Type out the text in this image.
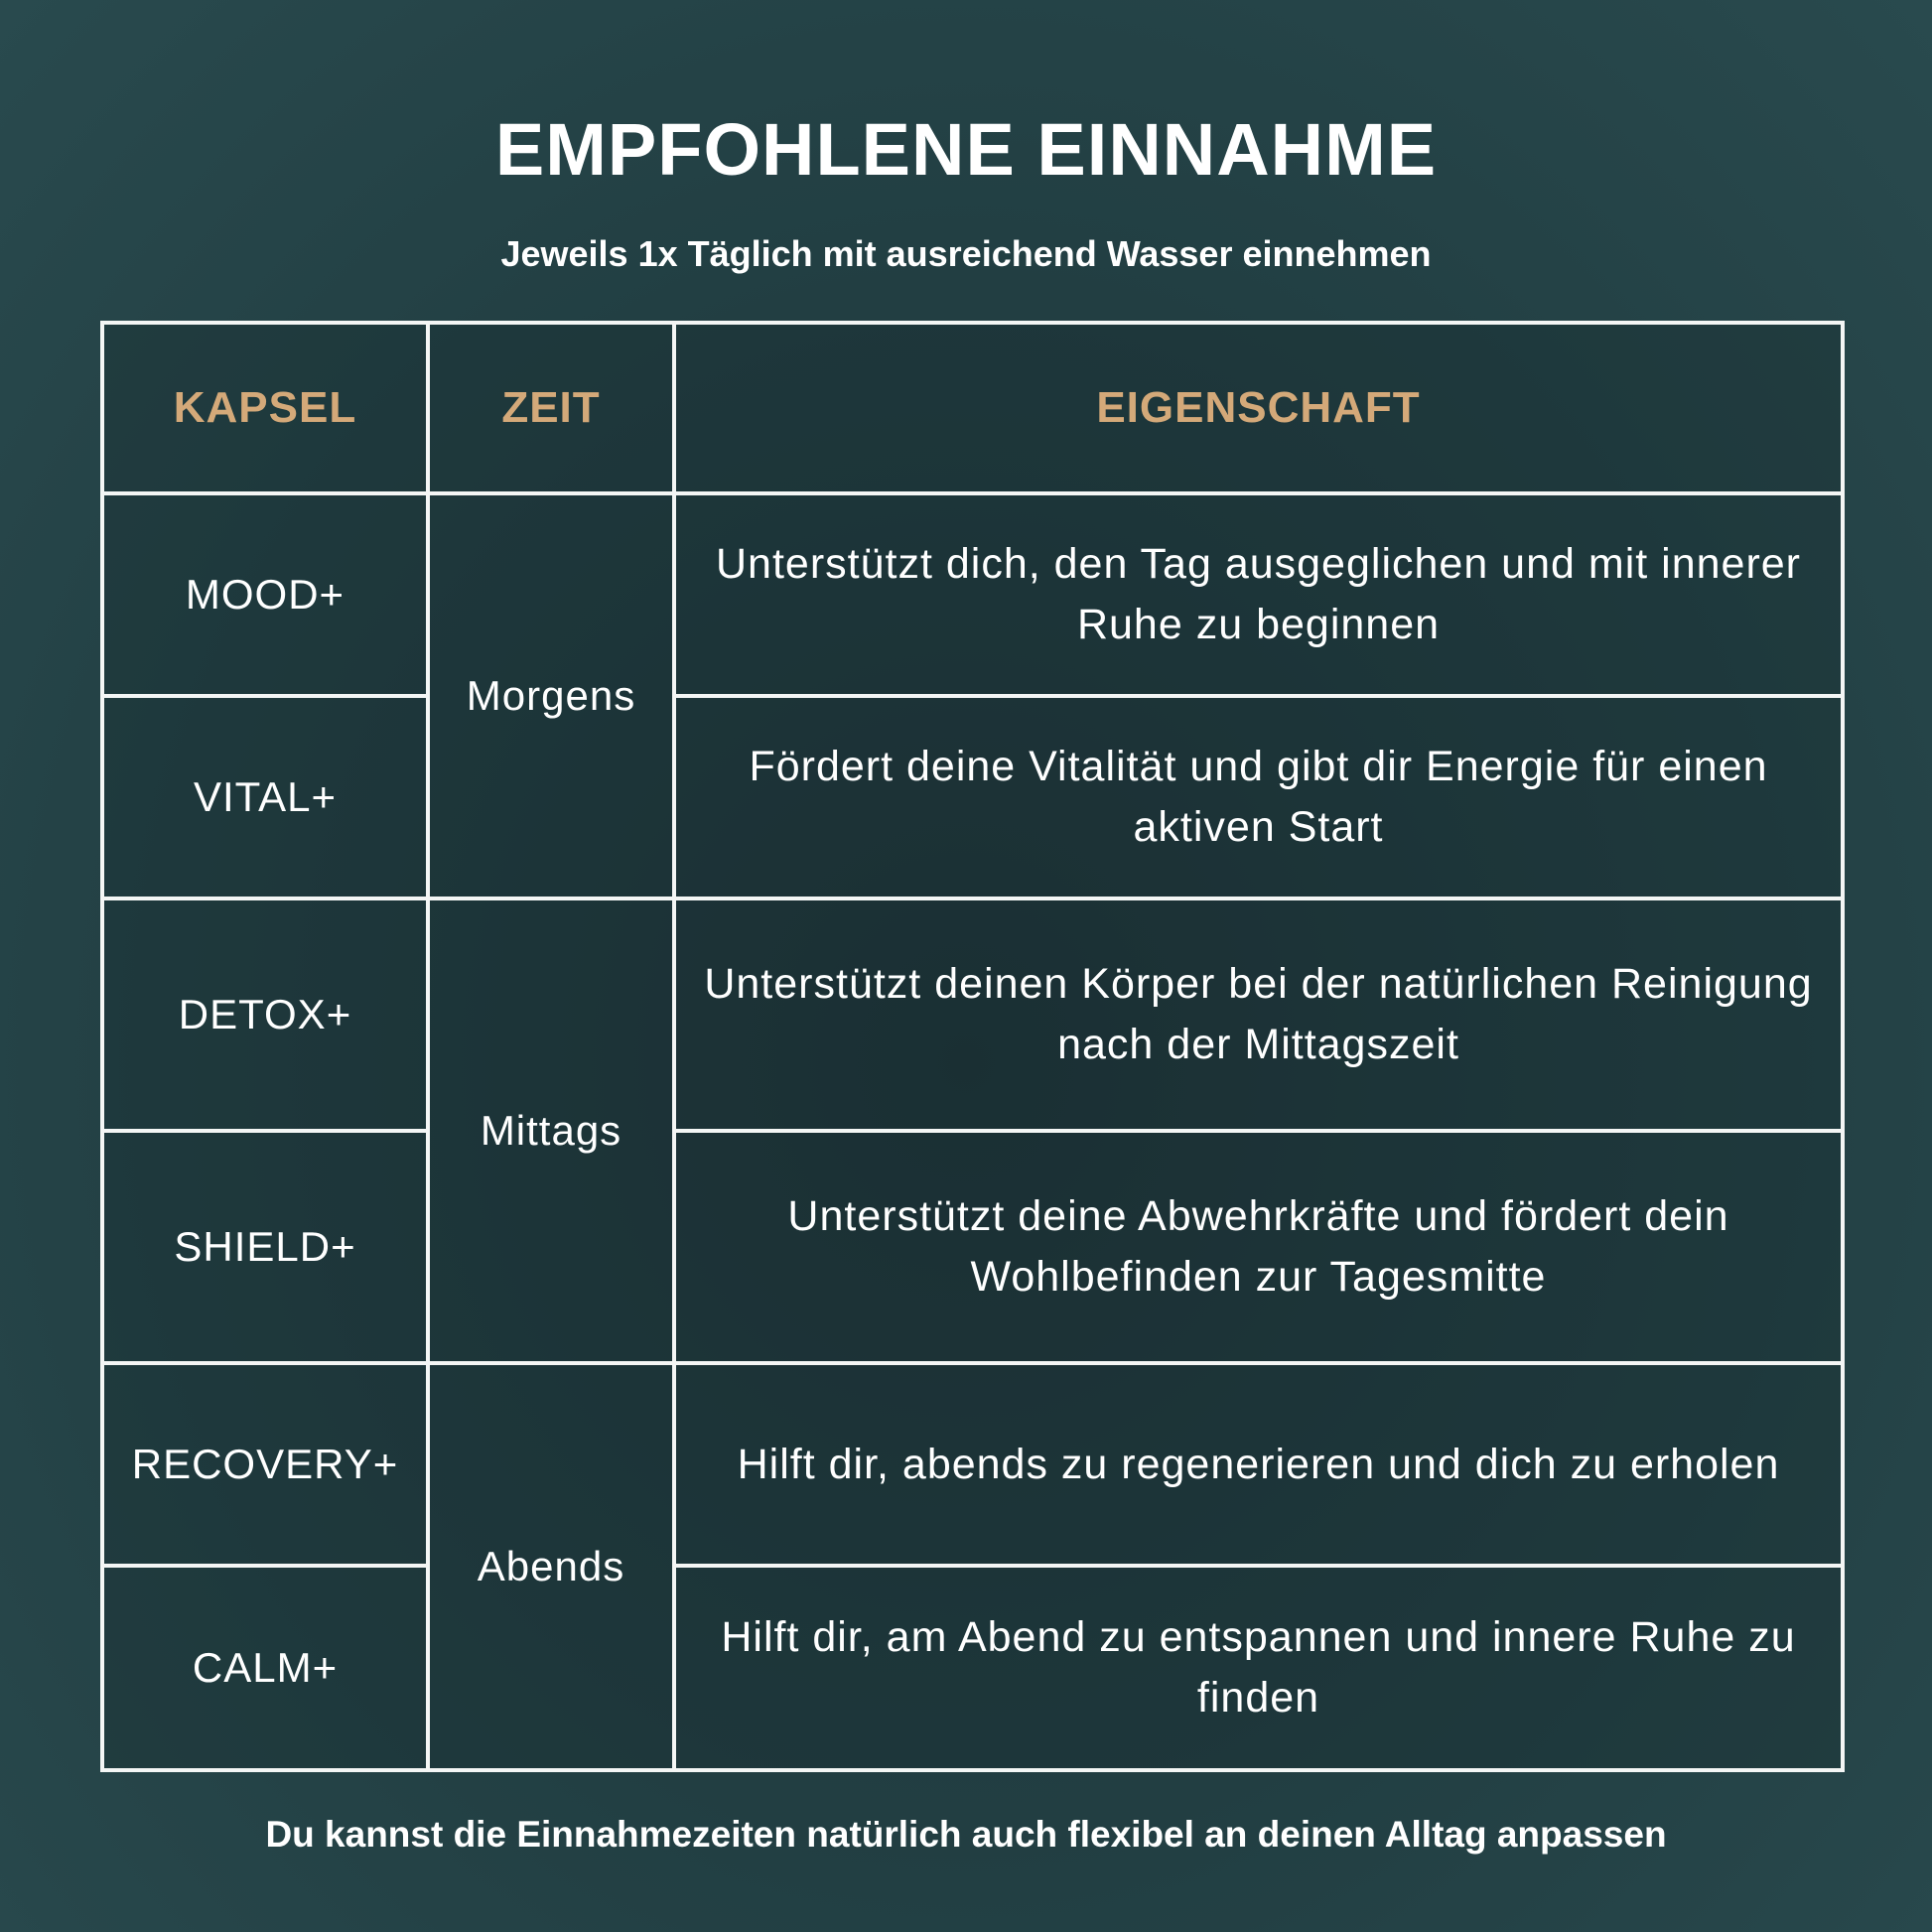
EMPFOHLENE EINNAHME

Jeweils 1x Täglich mit ausreichend Wasser einnehmen

KAPSEL	ZEIT	EIGENSCHAFT
MOOD+	Morgens	Unterstützt dich, den Tag ausgeglichen und mit innerer Ruhe zu beginnen
VITAL+		Fördert deine Vitalität und gibt dir Energie für einen aktiven Start
DETOX+	Mittags	Unterstützt deinen Körper bei der natürlichen Reinigung nach der Mittagszeit
SHIELD+		Unterstützt deine Abwehrkräfte und fördert dein Wohlbefinden zur Tagesmitte
RECOVERY+	Abends	Hilft dir, abends zu regenerieren und dich zu erholen
CALM+		Hilft dir, am Abend zu entspannen und innere Ruhe zu finden

Du kannst die Einnahmezeiten natürlich auch flexibel an deinen Alltag anpassen
